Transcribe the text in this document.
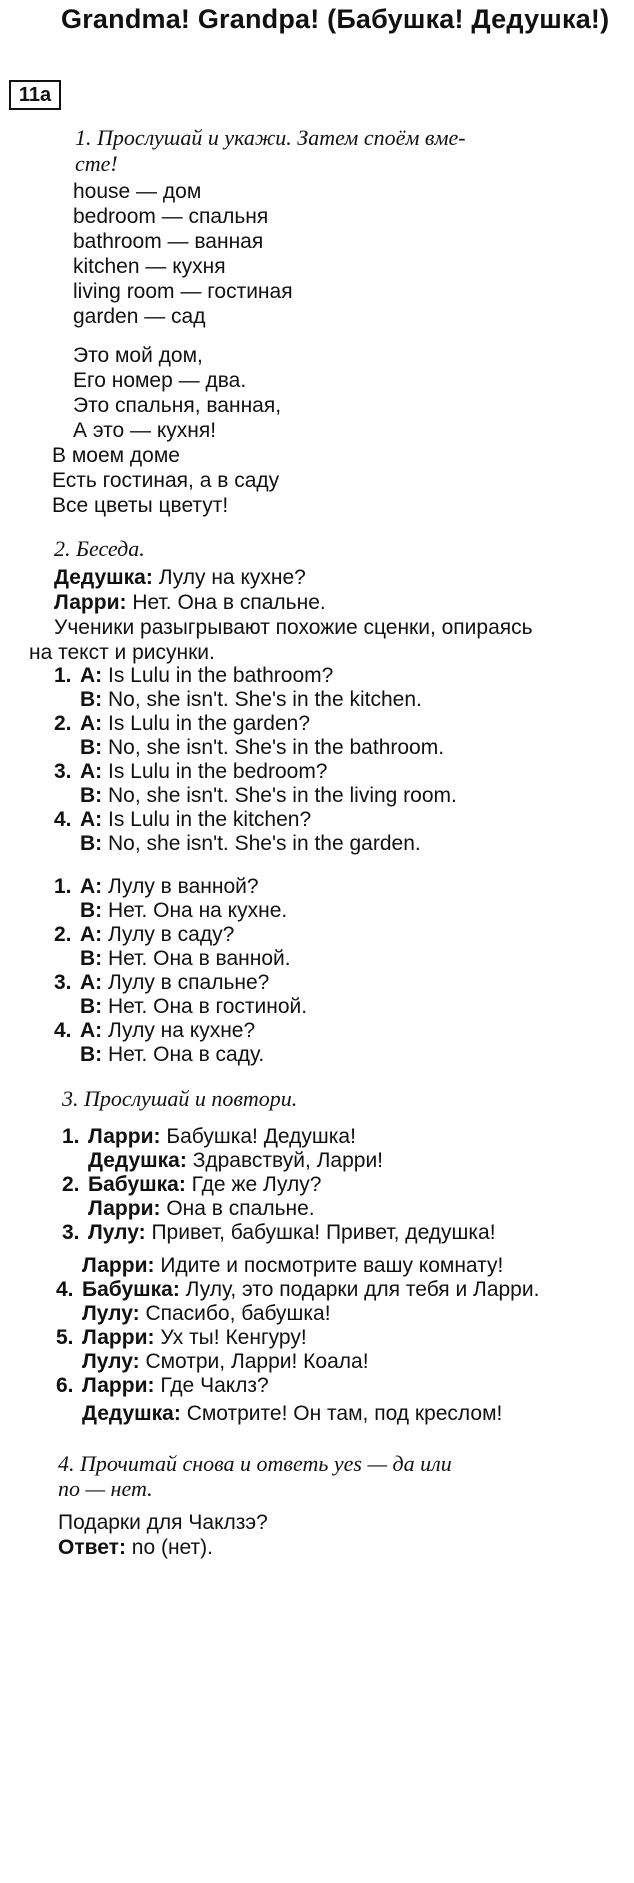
Grandma! Grandpa! (Бабушка! Дедушка!)
11a
1. Прослушай и укажи. Затем споём вме-
сте!
house — дом
bedroom — спальня
bathroom — ванная
kitchen — кухня
living room — гостиная
garden — сад
Это мой дом,
Его номер — два.
Это спальня, ванная,
А это — кухня!
В моем доме
Есть гостиная, а в саду
Все цветы цветут!
2. Беседа.
Дедушка: Лулу на кухне?
Ларри: Нет. Она в спальне.
Ученики разыгрывают похожие сценки, опираясь
на текст и рисунки.
1. A: Is Lulu in the bathroom?
B: No, she isn't. She's in the kitchen.
2. A: Is Lulu in the garden?
B: No, she isn't. She's in the bathroom.
3. A: Is Lulu in the bedroom?
B: No, she isn't. She's in the living room.
4. A: Is Lulu in the kitchen?
B: No, she isn't. She's in the garden.
1. A: Лулу в ванной?
B: Нет. Она на кухне.
2. A: Лулу в саду?
B: Нет. Она в ванной.
3. A: Лулу в спальне?
B: Нет. Она в гостиной.
4. A: Лулу на кухне?
B: Нет. Она в саду.
3. Прослушай и повтори.
1. Ларри: Бабушка! Дедушка!
Дедушка: Здравствуй, Ларри!
2. Бабушка: Где же Лулу?
Ларри: Она в спальне.
3. Лулу: Привет, бабушка! Привет, дедушка!
Ларри: Идите и посмотрите вашу комнату!
4. Бабушка: Лулу, это подарки для тебя и Ларри.
Лулу: Спасибо, бабушка!
5. Ларри: Ух ты! Кенгуру!
Лулу: Смотри, Ларри! Коала!
6. Ларри: Где Чаклз?
Дедушка: Смотрите! Он там, под креслом!
4. Прочитай снова и ответь yes — да или
no — нет.
Подарки для Чаклзэ?
Ответ: no (нет).
